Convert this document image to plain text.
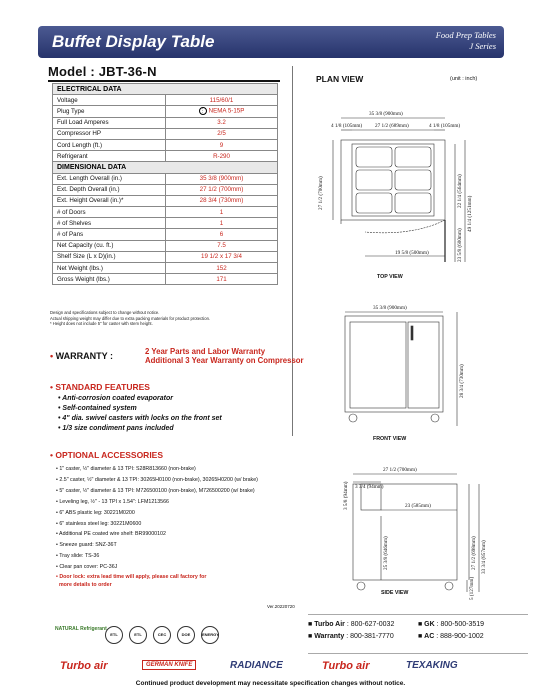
Buffet Display Table	Food Prep Tables
J Series
Model : JBT-36-N
ELECTRICAL DATA	
Voltage	115/60/1
Plug Type	⋮ NEMA 5-15P
Full Load Amperes	3.2
Compressor HP	2/5
Cord Length (ft.)	9
Refrigerant	R-290
DIMENSIONAL DATA	
Ext. Length Overall (in.)	35 3/8 (900mm)
Ext. Depth Overall (in.)	27 1/2 (700mm)
Ext. Height Overall (in.)*	28 3/4 (730mm)
# of Doors	1
# of Shelves	1
# of Pans	6
Net Capacity (cu. ft.)	7.5
Shelf Size (L x D)(in.)	19 1/2 x 17 3/4
Net Weight (lbs.)	152
Gross Weight (lbs.)	171
Design and specifications subject to change without notice.
Actual shipping weight may differ due to extra packing materials for product protection.
* Height does not include 5" for caster with stem height.
• WARRANTY :	2 Year Parts and Labor Warranty
Additional 3 Year Warranty on Compressor
• STANDARD FEATURES
• Anti-corrosion coated evaporator
• Self-contained system
• 4" dia. swivel casters with locks on the front set
• 1/3 size condiment pans included
• OPTIONAL ACCESSORIES
• 1" caster, ½" diameter & 13 TPI: S28R813660 (non-brake)
• 2.5" caster, ½" diameter & 13 TPI: 30265H0100 (non-brake), 30265H0200 (w/ brake)
• 5" caster, ½" diameter & 13 TPI: M726500100 (non-brake), M726500200 (w/ brake)
• Leveling leg, ½" - 13 TPI x 1.54": LFM1213566
• 6" ABS plastic leg: 30221M0200
• 6" stainless steel leg: 30221M0600
• Additional PE coated wire shelf: BR99000102
• Sneeze guard: SNZ-36T
• Tray slide: TS-36
• Clear pan cover: PC-36J
• Door lock: extra lead time will apply, please call factory for
more details to order
Ver.20220720
PLAN VIEW	(unit : inch)
35 3/8 (900mm)
4 1/8 (105mm) 27 1/2 (689mm)	4 1/8 (105mm)
27 1/2 (700mm)	22 1/4 (564mm)
49 1/4 (1251mm)
19 5/8 (500mm)	23 5/8 (600mm)
35 3/8 (900mm)
28 3/4 (730mm)
27 1/2 (700mm)
3 3/4 (94mm)
3 5/8 (94mm)	23 (585mm)
25 3/8 (646mm)	27 1/2 (698mm) 33 3/4 (857mm)
5 (127mm)
TOP VIEW
FRONT VIEW
SIDE VIEW
NATURAL Refrigerant
ETL	ETL	CEC	DOE	ENERGY
■ Turbo Air : 800-627-0032	■ GK : 800-500-3519
■ Warranty : 800-381-7770	■ AC : 888-900-1002
Turbo air	GERMAN KNIFE	RADIANCE	Turbo air	TEXAKING
Continued product development may necessitate specification changes without notice.
